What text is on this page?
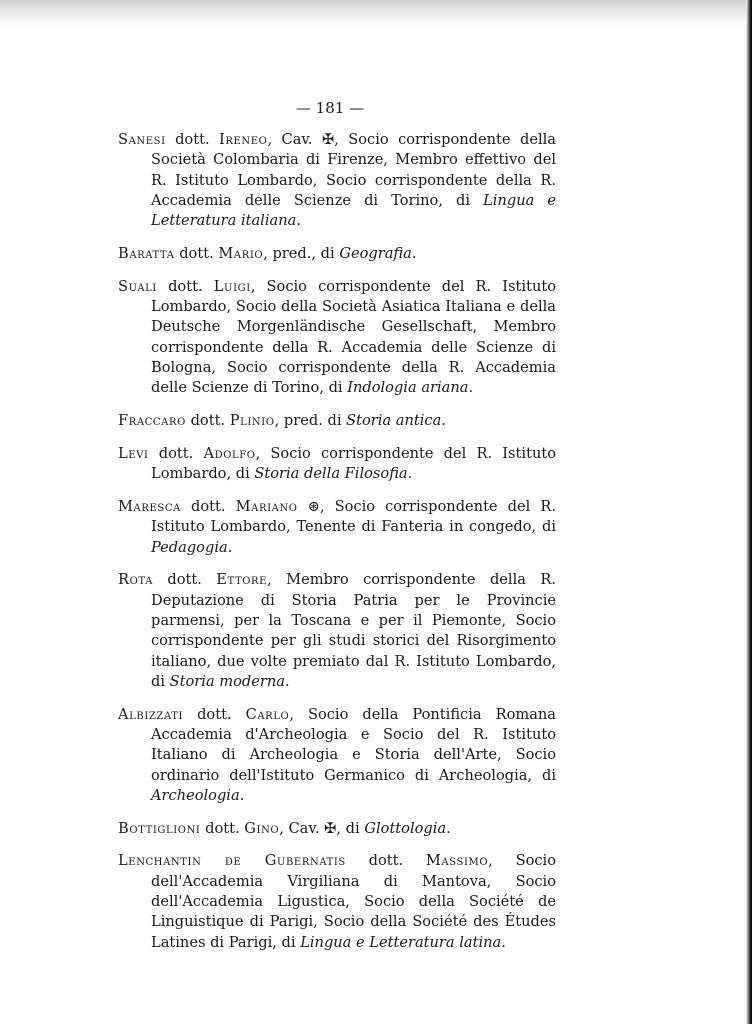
— 181 —

Sanesi dott. Ireneo, Cav. ✠, Socio corrispondente della Società Colombaria di Firenze, Membro effettivo del R. Istituto Lombardo, Socio corrispondente della R. Accademia delle Scienze di Torino, di Lingua e Letteratura italiana.

Baratta dott. Mario, pred., di Geografia.

Suali dott. Luigi, Socio corrispondente del R. Istituto Lombardo, Socio della Società Asiatica Italiana e della Deutsche Morgenländische Gesellschaft, Membro corrispondente della R. Accademia delle Scienze di Bologna, Socio corrispondente della R. Accademia delle Scienze di Torino, di Indologia ariana.

Fraccaro dott. Plinio, pred. di Storia antica.

Levi dott. Adolfo, Socio corrispondente del R. Istituto Lombardo, di Storia della Filosofia.

Maresca dott. Mariano ⊛, Socio corrispondente del R. Istituto Lombardo, Tenente di Fanteria in congedo, di Pedagogia.

Rota dott. Ettore, Membro corrispondente della R. Deputazione di Storia Patria per le Provincie parmensi, per la Toscana e per il Piemonte, Socio corrispondente per gli studi storici del Risorgimento italiano, due volte premiato dal R. Istituto Lombardo, di Storia moderna.

Albizzati dott. Carlo, Socio della Pontificia Romana Accademia d'Archeologia e Socio del R. Istituto Italiano di Archeologia e Storia dell'Arte, Socio ordinario dell'Istituto Germanico di Archeologia, di Archeologia.

Bottiglioni dott. Gino, Cav. ✠, di Glottologia.

Lenchantin de Gubernatis dott. Massimo, Socio dell'Accademia Virgiliana di Mantova, Socio dell'Accademia Ligustica, Socio della Société de Linguistique di Parigi, Socio della Société des Études Latines di Parigi, di Lingua e Letteratura latina.
